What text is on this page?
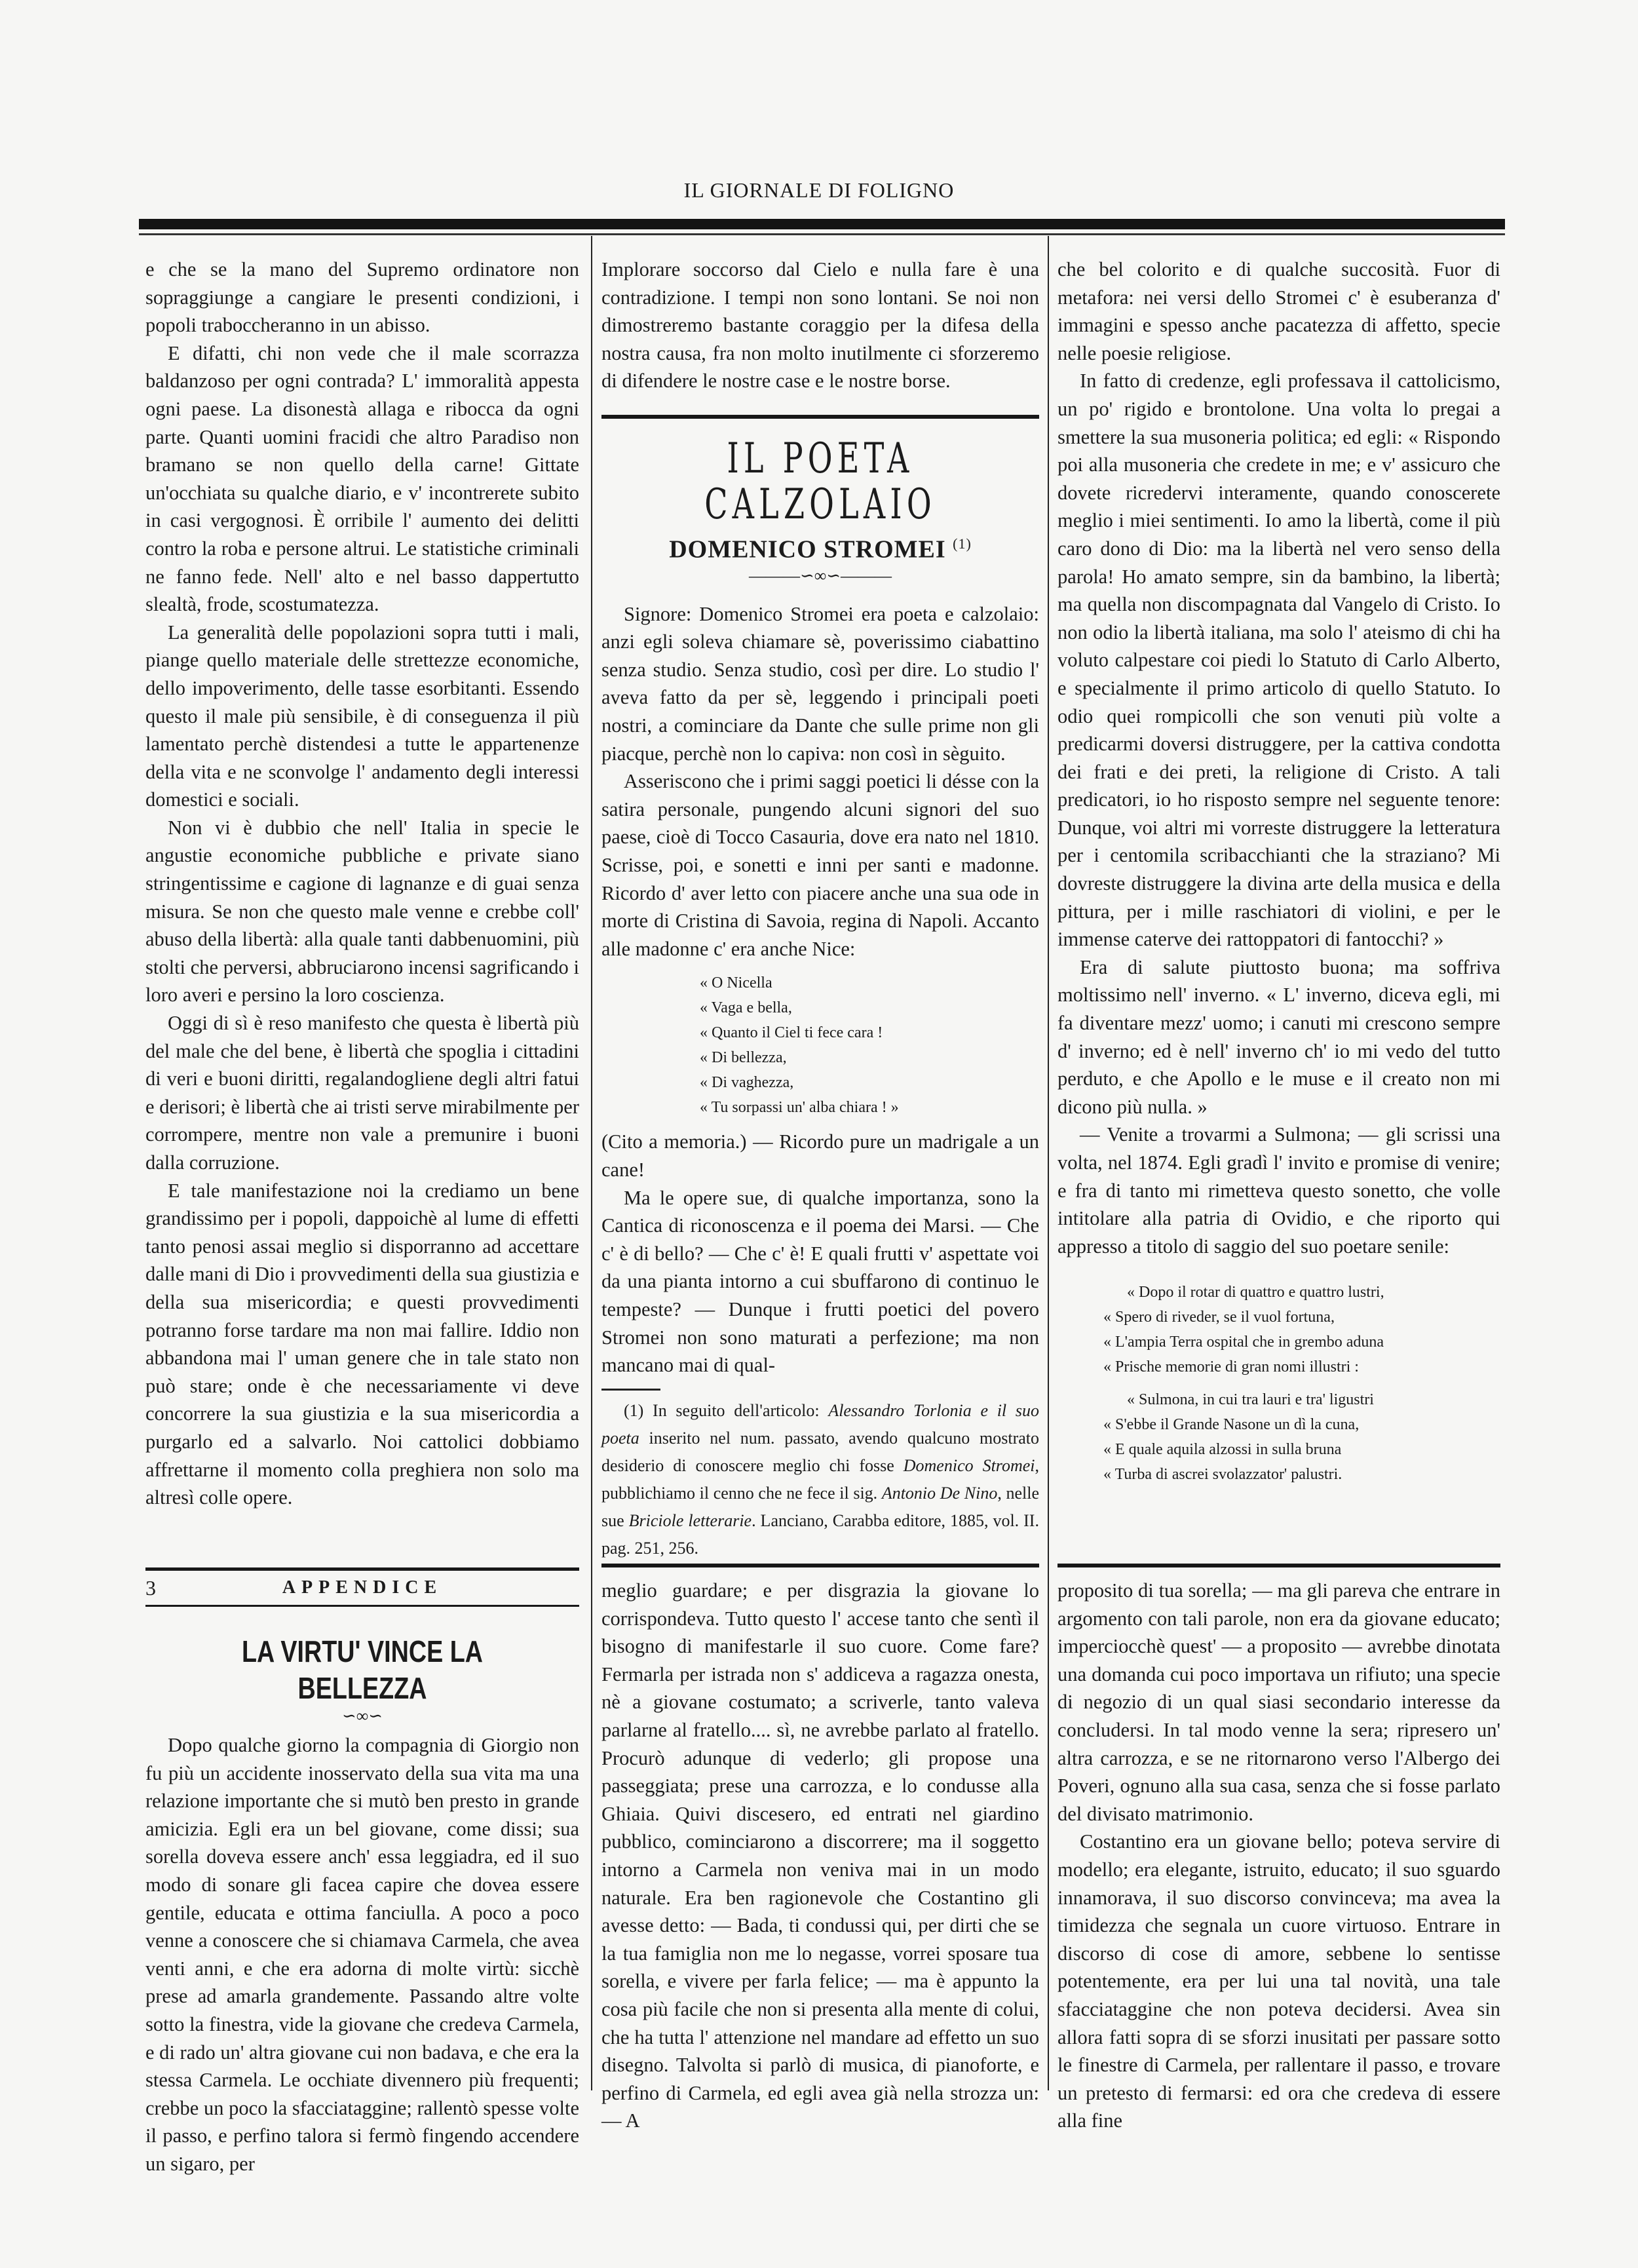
IL GIORNALE DI FOLIGNO

e che se la mano del Supremo ordinatore non sopraggiunge a cangiare le presenti condizioni, i popoli traboccheranno in un abisso.

E difatti, chi non vede che il male scorrazza baldanzoso per ogni contrada? L' immoralità appesta ogni paese. La disonestà allaga e ribocca da ogni parte. Quanti uomini fracidi che altro Paradiso non bramano se non quello della carne! Gittate un'occhiata su qualche diario, e v' incontrerete subito in casi vergognosi. È orribile l' aumento dei delitti contro la roba e persone altrui. Le statistiche criminali ne fanno fede. Nell' alto e nel basso dappertutto slealtà, frode, scostumatezza.

La generalità delle popolazioni sopra tutti i mali, piange quello materiale delle strettezze economiche, dello impoverimento, delle tasse esorbitanti. Essendo questo il male più sensibile, è di conseguenza il più lamentato perchè distendesi a tutte le appartenenze della vita e ne sconvolge l' andamento degli interessi domestici e sociali.

Non vi è dubbio che nell' Italia in specie le angustie economiche pubbliche e private siano stringentissime e cagione di lagnanze e di guai senza misura. Se non che questo male venne e crebbe coll' abuso della libertà: alla quale tanti dabbenuomini, più stolti che perversi, abbruciarono incensi sagrificando i loro averi e persino la loro coscienza.

Oggi di sì è reso manifesto che questa è libertà più del male che del bene, è libertà che spoglia i cittadini di veri e buoni diritti, regalandogliene degli altri fatui e derisori; è libertà che ai tristi serve mirabilmente per corrompere, mentre non vale a premunire i buoni dalla corruzione.

E tale manifestazione noi la crediamo un bene grandissimo per i popoli, dappoichè al lume di effetti tanto penosi assai meglio si disporranno ad accettare dalle mani di Dio i provvedimenti della sua giustizia e della sua misericordia; e questi provvedimenti potranno forse tardare ma non mai fallire. Iddio non abbandona mai l' uman genere che in tale stato non può stare; onde è che necessariamente vi deve concorrere la sua giustizia e la sua misericordia a purgarlo ed a salvarlo. Noi cattolici dobbiamo affrettarne il momento colla preghiera non solo ma altresì colle opere.

Implorare soccorso dal Cielo e nulla fare è una contradizione. I tempi non sono lontani. Se noi non dimostreremo bastante coraggio per la difesa della nostra causa, fra non molto inutilmente ci sforzeremo di difendere le nostre case e le nostre borse.

IL POETA CALZOLAIO
DOMENICO STROMEI $^{(1)}$
———∽∞∽———

Signore: Domenico Stromei era poeta e calzolaio: anzi egli soleva chiamare sè, poverissimo ciabattino senza studio. Senza studio, così per dire. Lo studio l' aveva fatto da per sè, leggendo i principali poeti nostri, a cominciare da Dante che sulle prime non gli piacque, perchè non lo capiva: non così in sèguito.

Asseriscono che i primi saggi poetici li désse con la satira personale, pungendo alcuni signori del suo paese, cioè di Tocco Casauria, dove era nato nel 1810. Scrisse, poi, e sonetti e inni per santi e madonne. Ricordo d' aver letto con piacere anche una sua ode in morte di Cristina di Savoia, regina di Napoli. Accanto alle madonne c' era anche Nice:

« O Nicella
« Vaga e bella,
« Quanto il Ciel ti fece cara !
« Di bellezza,
« Di vaghezza,
« Tu sorpassi un' alba chiara ! »

(Cito a memoria.) — Ricordo pure un madrigale a un cane!

Ma le opere sue, di qualche importanza, sono la Cantica di riconoscenza e il poema dei Marsi. — Che c' è di bello? — Che c' è! E quali frutti v' aspettate voi da una pianta intorno a cui sbuffarono di continuo le tempeste? — Dunque i frutti poetici del povero Stromei non sono maturati a perfezione; ma non mancano mai di qual-

(1) In seguito dell'articolo: Alessandro Torlonia e il suo poeta inserito nel num. passato, avendo qualcuno mostrato desiderio di conoscere meglio chi fosse Domenico Stromei, pubblichiamo il cenno che ne fece il sig. Antonio De Nino, nelle sue Briciole letterarie. Lanciano, Carabba editore, 1885, vol. II. pag. 251, 256.

che bel colorito e di qualche succosità. Fuor di metafora: nei versi dello Stromei c' è esuberanza d' immagini e spesso anche pacatezza di affetto, specie nelle poesie religiose.

In fatto di credenze, egli professava il cattolicismo, un po' rigido e brontolone. Una volta lo pregai a smettere la sua musoneria politica; ed egli: « Rispondo poi alla musoneria che credete in me; e v' assicuro che dovete ricredervi interamente, quando conoscerete meglio i miei sentimenti. Io amo la libertà, come il più caro dono di Dio: ma la libertà nel vero senso della parola! Ho amato sempre, sin da bambino, la libertà; ma quella non discompagnata dal Vangelo di Cristo. Io non odio la libertà italiana, ma solo l' ateismo di chi ha voluto calpestare coi piedi lo Statuto di Carlo Alberto, e specialmente il primo articolo di quello Statuto. Io odio quei rompicolli che son venuti più volte a predicarmi doversi distruggere, per la cattiva condotta dei frati e dei preti, la religione di Cristo. A tali predicatori, io ho risposto sempre nel seguente tenore: Dunque, voi altri mi vorreste distruggere la letteratura per i centomila scribacchianti che la straziano? Mi dovreste distruggere la divina arte della musica e della pittura, per i mille raschiatori di violini, e per le immense caterve dei rattoppatori di fantocchi? »

Era di salute piuttosto buona; ma soffriva moltissimo nell' inverno. « L' inverno, diceva egli, mi fa diventare mezz' uomo; i canuti mi crescono sempre d' inverno; ed è nell' inverno ch' io mi vedo del tutto perduto, e che Apollo e le muse e il creato non mi dicono più nulla. »

— Venite a trovarmi a Sulmona; — gli scrissi una volta, nel 1874. Egli gradì l' invito e promise di venire; e fra di tanto mi rimetteva questo sonetto, che volle intitolare alla patria di Ovidio, e che riporto qui appresso a titolo di saggio del suo poetare senile:

« Dopo il rotar di quattro e quattro lustri,
« Spero di riveder, se il vuol fortuna,
« L'ampia Terra ospital che in grembo aduna
« Prische memorie di gran nomi illustri :
« Sulmona, in cui tra lauri e tra' ligustri
« S'ebbe il Grande Nasone un dì la cuna,
« E quale aquila alzossi in sulla bruna
« Turba di ascrei svolazzator' palustri.
3	APPENDICE
LA VIRTU' VINCE LA BELLEZZA
∽∞∽

Dopo qualche giorno la compagnia di Giorgio non fu più un accidente inosservato della sua vita ma una relazione importante che si mutò ben presto in grande amicizia. Egli era un bel giovane, come dissi; sua sorella doveva essere anch' essa leggiadra, ed il suo modo di sonare gli facea capire che dovea essere gentile, educata e ottima fanciulla. A poco a poco venne a conoscere che si chiamava Carmela, che avea venti anni, e che era adorna di molte virtù: sicchè prese ad amarla grandemente. Passando altre volte sotto la finestra, vide la giovane che credeva Carmela, e di rado un' altra giovane cui non badava, e che era la stessa Carmela. Le occhiate divennero più frequenti; crebbe un poco la sfacciataggine; rallentò spesse volte il passo, e perfino talora si fermò fingendo accendere un sigaro, per

meglio guardare; e per disgrazia la giovane lo corrispondeva. Tutto questo l' accese tanto che sentì il bisogno di manifestarle il suo cuore. Come fare? Fermarla per istrada non s' addiceva a ragazza onesta, nè a giovane costumato; a scriverle, tanto valeva parlarne al fratello.... sì, ne avrebbe parlato al fratello. Procurò adunque di vederlo; gli propose una passeggiata; prese una carrozza, e lo condusse alla Ghiaia. Quivi discesero, ed entrati nel giardino pubblico, cominciarono a discorrere; ma il soggetto intorno a Carmela non veniva mai in un modo naturale. Era ben ragionevole che Costantino gli avesse detto: — Bada, ti condussi qui, per dirti che se la tua famiglia non me lo negasse, vorrei sposare tua sorella, e vivere per farla felice; — ma è appunto la cosa più facile che non si presenta alla mente di colui, che ha tutta l' attenzione nel mandare ad effetto un suo disegno. Talvolta si parlò di musica, di pianoforte, e perfino di Carmela, ed egli avea già nella strozza un: — A

proposito di tua sorella; — ma gli pareva che entrare in argomento con tali parole, non era da giovane educato; imperciocchè quest' — a proposito — avrebbe dinotata una domanda cui poco importava un rifiuto; una specie di negozio di un qual siasi secondario interesse da concludersi. In tal modo venne la sera; ripresero un' altra carrozza, e se ne ritornarono verso l'Albergo dei Poveri, ognuno alla sua casa, senza che si fosse parlato del divisato matrimonio.

Costantino era un giovane bello; poteva servire di modello; era elegante, istruito, educato; il suo sguardo innamorava, il suo discorso convinceva; ma avea la timidezza che segnala un cuore virtuoso. Entrare in discorso di cose di amore, sebbene lo sentisse potentemente, era per lui una tal novità, una tale sfacciataggine che non poteva decidersi. Avea sin allora fatti sopra di se sforzi inusitati per passare sotto le finestre di Carmela, per rallentare il passo, e trovare un pretesto di fermarsi: ed ora che credeva di essere alla fine
